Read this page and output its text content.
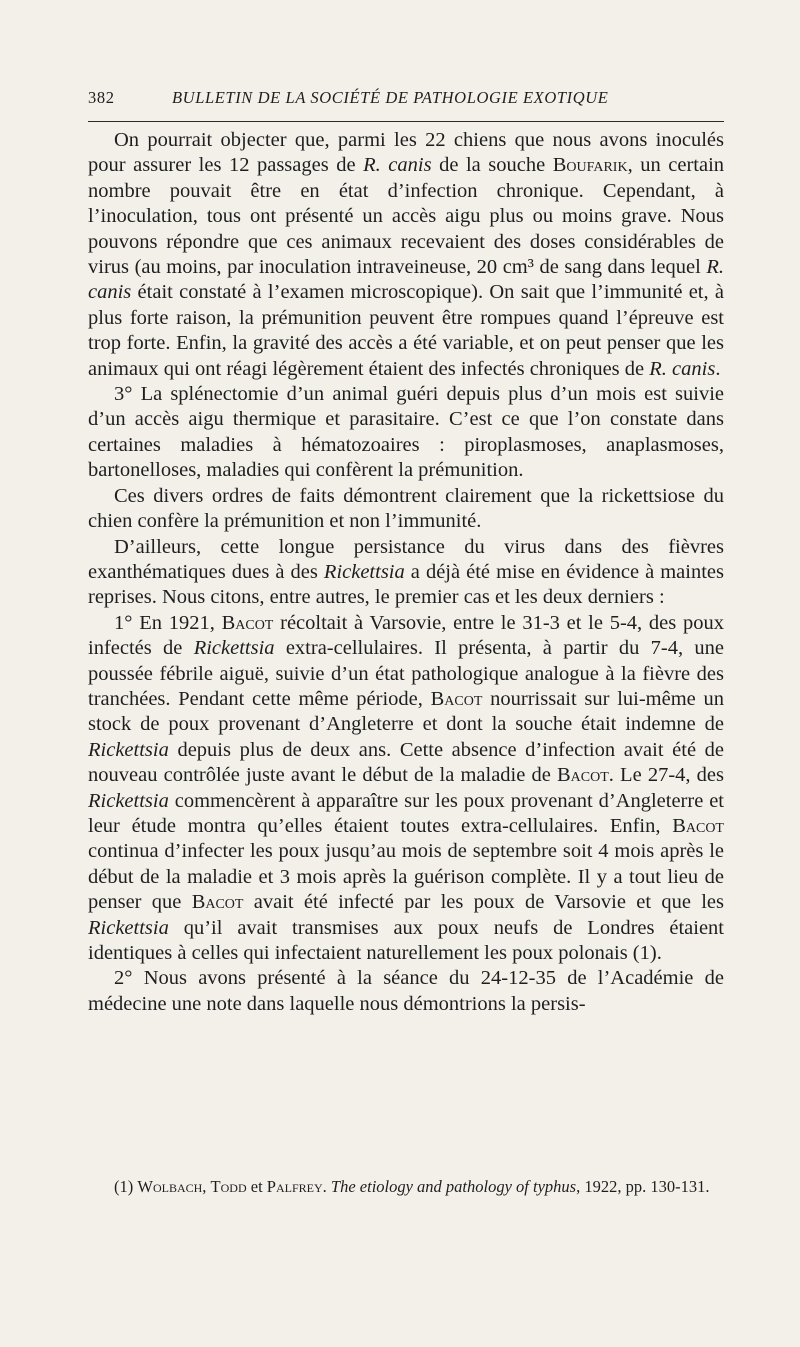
382	BULLETIN DE LA SOCIÉTÉ DE PATHOLOGIE EXOTIQUE

On pourrait objecter que, parmi les 22 chiens que nous avons inoculés pour assurer les 12 passages de R. canis de la souche Boufarik, un certain nombre pouvait être en état d’infection chronique. Cependant, à l’inoculation, tous ont présenté un accès aigu plus ou moins grave. Nous pouvons répondre que ces animaux recevaient des doses considérables de virus (au moins, par inoculation intraveineuse, 20 cm³ de sang dans lequel R. canis était constaté à l’examen microscopique). On sait que l’immunité et, à plus forte raison, la prémunition peuvent être rompues quand l’épreuve est trop forte. Enfin, la gravité des accès a été variable, et on peut penser que les animaux qui ont réagi légèrement étaient des infectés chroniques de R. canis.

3° La splénectomie d’un animal guéri depuis plus d’un mois est suivie d’un accès aigu thermique et parasitaire. C’est ce que l’on constate dans certaines maladies à hématozoaires : piroplasmoses, anaplasmoses, bartonelloses, maladies qui confèrent la prémunition.

Ces divers ordres de faits démontrent clairement que la rickettsiose du chien confère la prémunition et non l’immunité.

D’ailleurs, cette longue persistance du virus dans des fièvres exanthématiques dues à des Rickettsia a déjà été mise en évidence à maintes reprises. Nous citons, entre autres, le premier cas et les deux derniers :

1° En 1921, Bacot récoltait à Varsovie, entre le 31-3 et le 5-4, des poux infectés de Rickettsia extra-cellulaires. Il présenta, à partir du 7-4, une poussée fébrile aiguë, suivie d’un état pathologique analogue à la fièvre des tranchées. Pendant cette même période, Bacot nourrissait sur lui-même un stock de poux provenant d’Angleterre et dont la souche était indemne de Rickettsia depuis plus de deux ans. Cette absence d’infection avait été de nouveau contrôlée juste avant le début de la maladie de Bacot. Le 27-4, des Rickettsia commencèrent à apparaître sur les poux provenant d’Angleterre et leur étude montra qu’elles étaient toutes extra-cellulaires. Enfin, Bacot continua d’infecter les poux jusqu’au mois de septembre soit 4 mois après le début de la maladie et 3 mois après la guérison complète. Il y a tout lieu de penser que Bacot avait été infecté par les poux de Varsovie et que les Rickettsia qu’il avait transmises aux poux neufs de Londres étaient identiques à celles qui infectaient naturellement les poux polonais (1).

2° Nous avons présenté à la séance du 24-12-35 de l’Académie de médecine une note dans laquelle nous démontrions la persis-

(1) Wolbach, Todd et Palfrey. The etiology and pathology of typhus, 1922, pp. 130-131.
